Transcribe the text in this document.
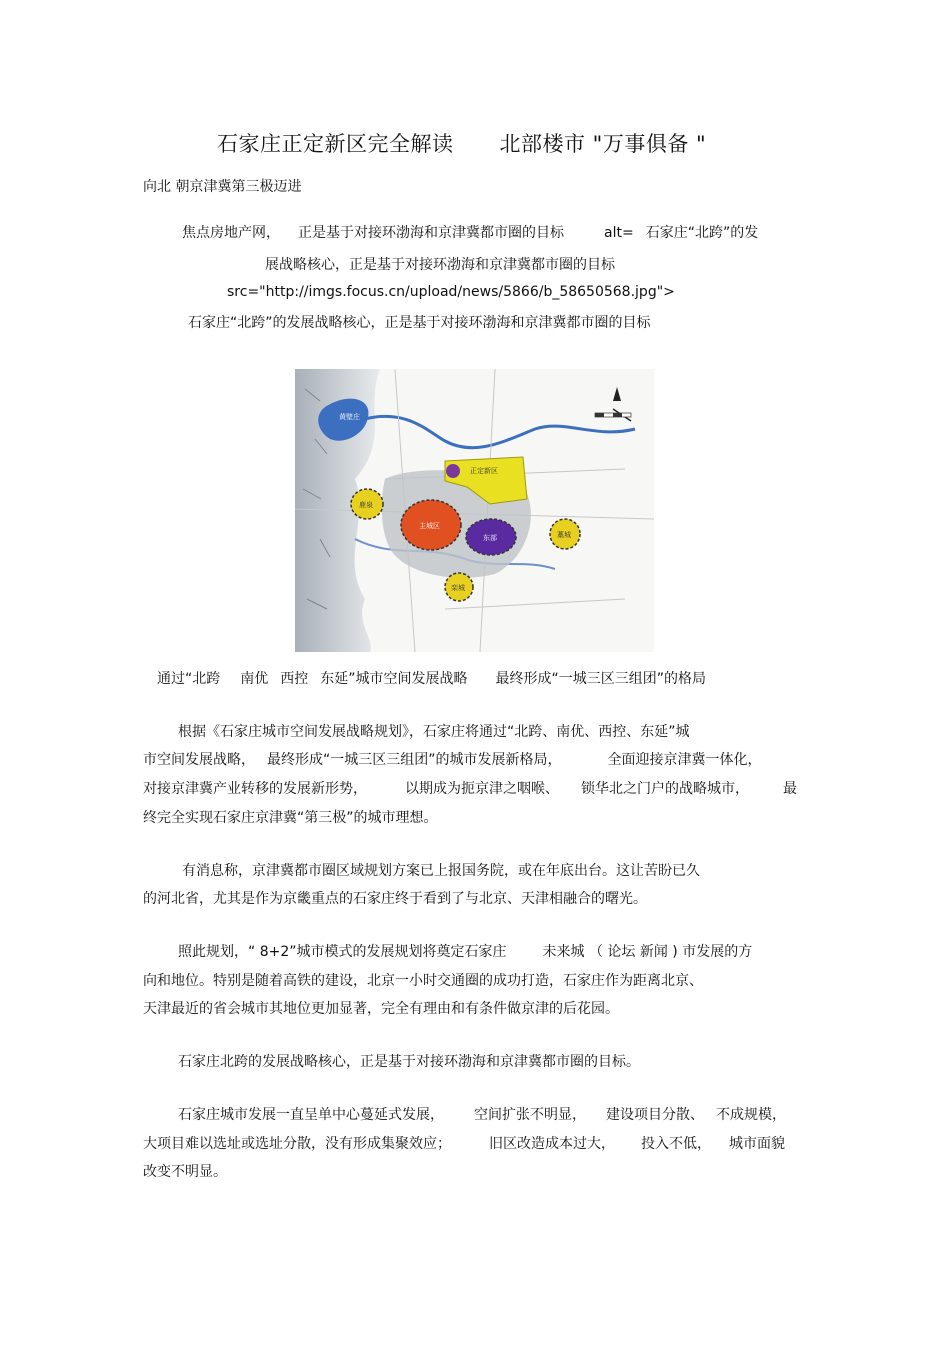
石家庄正定新区完全解读 北部楼市 "万事俱备 "
向北 朝京津冀第三极迈进
焦点房地产网， 正是基于对接环渤海和京津冀都市圈的目标	alt= 石家庄“北跨”的发
展战略核心，正是基于对接环渤海和京津冀都市圈的目标
src="http://imgs.focus.cn/upload/news/5866/b_58650568.jpg">
石家庄“北跨”的发展战略核心，正是基于对接环渤海和京津冀都市圈的目标
黄壁庄
正定新区
鹿泉
主城区
东部	藁城
栾城
通过“北跨 南优 西控 东延”城市空间发展战略 最终形成“一城三区三组团”的格局
根据《石家庄城市空间发展战略规划》，石家庄将通过“北跨、南优、西控、东延”城
市空间发展战略， 最终形成“一城三区三组团”的城市发展新格局，	全面迎接京津冀一体化，
对接京津冀产业转移的发展新形势，	以期成为扼京津之咽喉、 锁华北之门户的战略城市， 最
终完全实现石家庄京津冀“第三极”的城市理想。
有消息称，京津冀都市圈区域规划方案已上报国务院，或在年底出台。这让苦盼已久
的河北省，尤其是作为京畿重点的石家庄终于看到了与北京、天津相融合的曙光。
照此规划，“ 8+2”城市模式的发展规划将奠定石家庄	未来城 （ 论坛 新闻 ) 市发展的方
向和地位。特别是随着高铁的建设，北京一小时交通圈的成功打造，石家庄作为距离北京、
天津最近的省会城市其地位更加显著，完全有理由和有条件做京津的后花园。
石家庄北跨的发展战略核心，正是基于对接环渤海和京津冀都市圈的目标。
石家庄城市发展一直呈单中心蔓延式发展， 空间扩张不明显， 建设项目分散、 不成规模，
大项目难以选址或选址分散，没有形成集聚效应；	旧区改造成本过大， 投入不低， 城市面貌
改变不明显。
